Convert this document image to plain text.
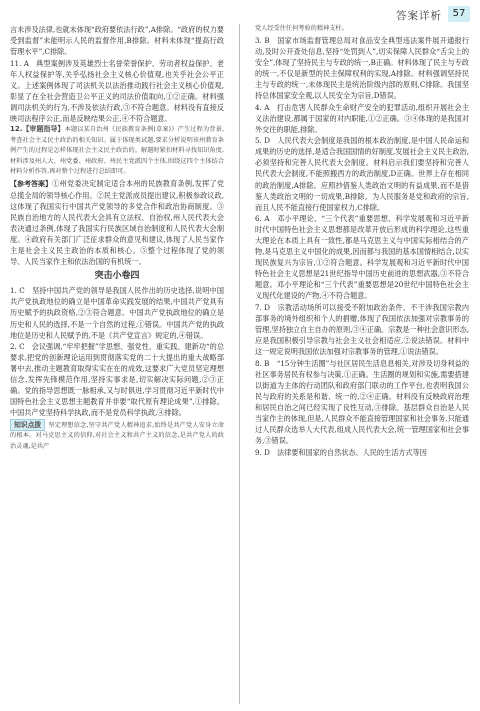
答案详析	57

言未涉及法律,也就未体现“政府要依法行政”,A排除。“政府的权力要受到监督”未能明示人民的监督作用,B排除。材料未体现“提高行政管理水平”,C排除。

11. A　典型案例涉及英雄烈士名誉荣誉保护、劳动者权益保护、老年人权益保护等,关乎弘扬社会主义核心价值观,也关乎社会公平正义。上述案例体现了司法机关以法治推动践行社会主义核心价值观,彰显了在全社会营造卫公平正义的司法价值取向,①②正确。材料强调司法机关的行为,不涉及依法行政,③不符合题意。材料没有直接反映司法程序公正,而是反映结果公正,④不符合题意。

12.【审题指导】本题以某自治州《民族教育条例(草案)》产生过程为背景,考查社会主义民主政治的相关知识。属于体现类试题,要求分析说明该州教育条例产生的过程是怎样体现社会主义民主政治的。解题时紧扣材料寻找知识角度,材料涉及州人大、州党委、州政府、州民主党派四个主体,围绕这四个主体结合材料分析作答,再对整个过程进行总结即可。

【参考答案】①州党委决定制定适合本州的民族教育条例,发挥了党总揽全局的领导核心作用。②民主党派成员提出建议,积极参政议政,这体现了我国实行中国共产党领导的多党合作和政治协商制度。③民族自治地方的人民代表大会具有立法权、自治权,州人民代表大会表决通过条例,体现了我国实行民族区域自治制度和人民代表大会制度。④政府有关部门广泛征求群众的意见和建议,体现了人民当家作主是社会主义民主政治的本质和核心。⑤整个过程体现了党的领导、人民当家作主和依法治国的有机统一。

突击小卷四

1. C　坚持中国共产党的领导是我国人民作出的历史选择,说明中国共产党执政地位的确立是中国革命实践发展的结果,中国共产党具有历史赋予的执政资格,②③符合题意。中国共产党执政地位的确立是历史和人民的选择,不是一个自然的过程,①错误。中国共产党的执政地位是历史和人民赋予的,不是《共产党宣言》规定的,④错误。

2. C　会议强调,“牢牢把握”学思想、强党性、重实践、建新功“的总要求,把党的创新理论运用到贯彻落实党的二十大提出的重大战略部署中去,推动主题教育取得实实在在的成效,这要求广大党员坚定理想信念,发挥先锋模范作用,坚持实事求是,切实解决实际问题,②③正确。党的指导思想既一脉相承,又与时俱进,学习贯彻习近平新时代中国特色社会主义思想主题教育并非要“取代原有理论成果”,①排除。中国共产党坚持科学执政,而不是党员科学执政,④排除。

知识点拨 坚定理想信念,坚守共产党人精神追求,始终是共产党人安身立命的根本。对马克思主义的信仰,对社会主义和共产主义的信念,是共产党人的政治灵魂,是共产

党人经受住任何考验的精神支柱。

3. B　国家市场监督管理总局对食品安全典型违法案件展开通报行动,及时公开查处信息,坚持“处罚到人”,切实保障人民群众“舌尖上的安全”,体现了坚持民主与专政的统一,B正确。材料体现了民主与专政的统一,不仅是新型的民主保障权利的实现,A排除。材料强调坚持民主与专政的统一,未体现民主是统治阶级内部的原则,C排除。我国坚持总体国家安全观,以人民安全为宗旨,D错误。

4. A　打击危害人民群众生命财产安全的犯罪活动,组织开展社会主义法治建设,都属于国家的对内职能,①②正确。③④体现的是我国对外交往的职能,排除。

5. D　人民代表大会制度是我国的根本政治制度,是中国人民命运和成果的历史的选择,是适合我国国情的好制度,发展社会主义民主政治,必须坚持和完善人民代表大会制度。材料启示我们要坚持和完善人民代表大会制度,不能照搬西方的政治制度,D正确。世界上存在相同的政治制度,A排除。应照抄借鉴人类政治文明的有益成果,而不是借鉴人类政治文明的一切成果,B排除。为人民服务是党和政府的宗旨,而且人民不能直接行使国家权力,C排除。

6. A　邓小平理论、“三个代表”重要思想、科学发展观和习近平新时代中国特色社会主义思想都是改革开放后形成的科学理论,这些重大理论在本质上具有一致性,都是马克思主义与中国实际相结合的产物,是马克思主义中国化的成果,因而都与我国的基本国情相结合,以实现民族复兴为宗旨,①②符合题意。科学发展观和习近平新时代中国特色社会主义思想是21世纪指导中国历史前进的思想武器,③不符合题意。邓小平理论和“三个代表”重要思想是20世纪中国特色社会主义现代化建设的产物,④不符合题意。

7. D　宗教活动场所可以接受不附加政治条件、不干涉我国宗教内部事务的境外组织和个人的捐赠,体现了我国依法加强对宗教事务的管理,坚持独立自主自办的原则,③④正确。宗教是一种社会意识形态,应是我国积极引导宗教与社会主义社会相适应,②说法错误。材料中这一规定说明我国依法加强对宗教事务的管理,①说法错误。

8. B　“15分钟生活圈”与社区居民生活息息相关,对涉及切身利益的社区事务居民有权参与决策,①正确。生活圈的规划和实施,需要搭建以街道为主体的行动团队和政府部门联动的工作平台,也表明我国公民与政府的关系是和谐、统一的,②④正确。材料没有反映政府治理和居民自治之间已经实现了良性互动,③排除。基层群众自治是人民当家作主的体现,但是,人民群众不能直接管理国家和社会事务,只能通过人民群众选举人大代表,组成人民代表大会,统一管理国家和社会事务,③错误。

9. D　法律要和国家的自然状态、人民的生活方式等因
